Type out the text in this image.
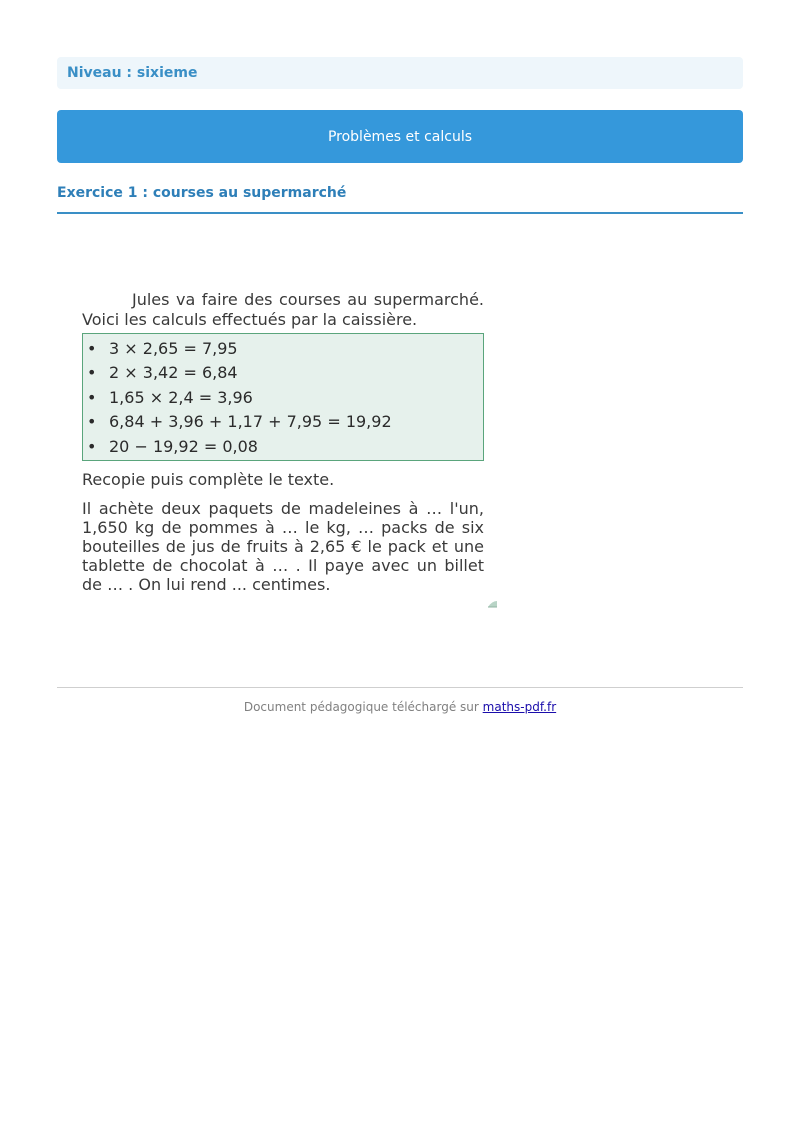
Niveau : sixieme
Problèmes et calculs
Exercice 1 : courses au supermarché

Jules va faire des courses au supermarché. Voici les calculs effectués par la caissière.

• 3 × 2,65 = 7,95
• 2 × 3,42 = 6,84
• 1,65 × 2,4 = 3,96
• 6,84 + 3,96 + 1,17 + 7,95 = 19,92
• 20 − 19,92 = 0,08

Recopie puis complète le texte.

Il achète deux paquets de madeleines à … l'un, 1,650 kg de pommes à … le kg, … packs de six bouteilles de jus de fruits à 2,65 € le pack et une tablette de chocolat à … . Il paye avec un billet de … . On lui rend ... centimes.

Document pédagogique téléchargé sur maths-pdf.fr
